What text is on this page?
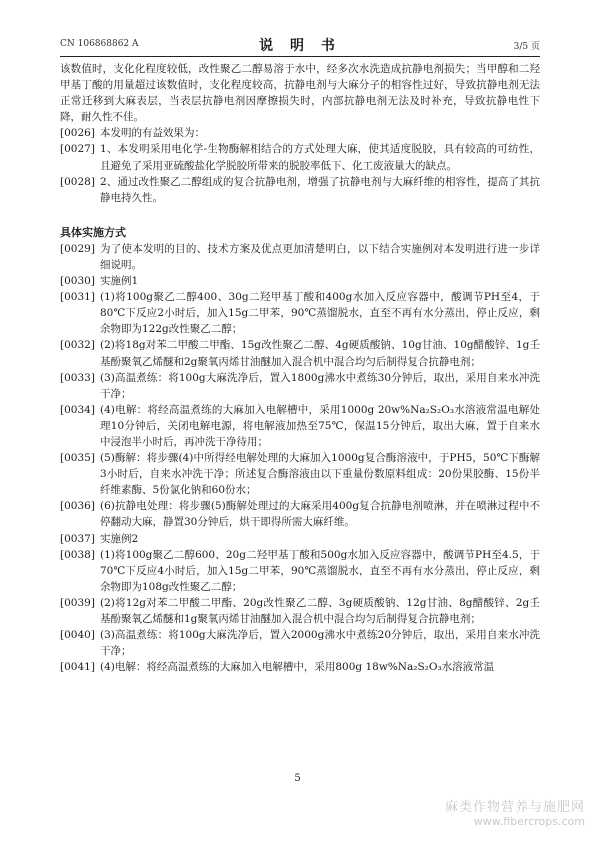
CN 106868862 A	说 明 书	3/5 页
该数值时，支化化程度较低，改性聚乙二醇易溶于水中，经多次水洗造成抗静电剂损失；当甲醇和二羟甲基丁酸的用量超过该数值时，支化程度较高，抗静电剂与大麻分子的相容性过好，导致抗静电剂无法正常迁移到大麻表层，当表层抗静电剂因摩擦损失时，内部抗静电剂无法及时补充，导致抗静电性下降，耐久性不佳。
[0026] 本发明的有益效果为：
[0027] 1、本发明采用电化学-生物酶解相结合的方式处理大麻，使其适度脱胶，具有较高的可纺性，且避免了采用亚硫酸盐化学脱胶所带来的脱胶率低下、化工废液量大的缺点。
[0028] 2、通过改性聚乙二醇组成的复合抗静电剂，增强了抗静电剂与大麻纤维的相容性，提高了其抗静电持久性。
具体实施方式
[0029] 为了使本发明的目的、技术方案及优点更加清楚明白，以下结合实施例对本发明进行进一步详细说明。
[0030] 实施例1
[0031] (1)将100g聚乙二醇400、30g二羟甲基丁酸和400g水加入反应容器中，酸调节PH至4，于80℃下反应2小时后，加入15g二甲苯，90℃蒸馏脱水，直至不再有水分蒸出，停止反应，剩余物即为122g改性聚乙二醇；
[0032] (2)将18g对苯二甲酸二甲酯、15g改性聚乙二醇、4g硬质酸钠、10g甘油、10g醋酸锌、1g壬基酚聚氧乙烯醚和2g聚氧丙烯甘油醚加入混合机中混合均匀后制得复合抗静电剂；
[0033] (3)高温煮练：将100g大麻洗净后，置入1800g沸水中煮练30分钟后，取出，采用自来水冲洗干净；
[0034] (4)电解：将经高温煮练的大麻加入电解槽中，采用1000g 20w%Na₂S₂O₃水溶液常温电解处理10分钟后，关闭电解电源，将电解液加热至75℃，保温15分钟后，取出大麻，置于自来水中浸泡半小时后，再冲洗干净待用；
[0035] (5)酶解：将步骤(4)中所得经电解处理的大麻加入1000g复合酶溶液中，于PH5，50℃下酶解3小时后，自来水冲洗干净；所述复合酶溶液由以下重量份数原料组成：20份果胶酶、15份半纤维素酶、5份氯化钠和60份水；
[0036] (6)抗静电处理：将步骤(5)酶解处理过的大麻采用400g复合抗静电剂喷淋，并在喷淋过程中不停翻动大麻，静置30分钟后，烘干即得所需大麻纤维。
[0037] 实施例2
[0038] (1)将100g聚乙二醇600、20g二羟甲基丁酸和500g水加入反应容器中，酸调节PH至4.5，于70℃下反应4小时后，加入15g二甲苯，90℃蒸馏脱水，直至不再有水分蒸出，停止反应，剩余物即为108g改性聚乙二醇；
[0039] (2)将12g对苯二甲酸二甲酯、20g改性聚乙二醇、3g硬质酸钠、12g甘油、8g醋酸锌、2g壬基酚聚氧乙烯醚和1g聚氧丙烯甘油醚加入混合机中混合均匀后制得复合抗静电剂；
[0040] (3)高温煮练：将100g大麻洗净后，置入2000g沸水中煮练20分钟后，取出，采用自来水冲洗干净；
[0041] (4)电解：将经高温煮练的大麻加入电解槽中，采用800g 18w%Na₂S₂O₃水溶液常温
5
麻类作物营养与施肥网
www.fibercrops.com
